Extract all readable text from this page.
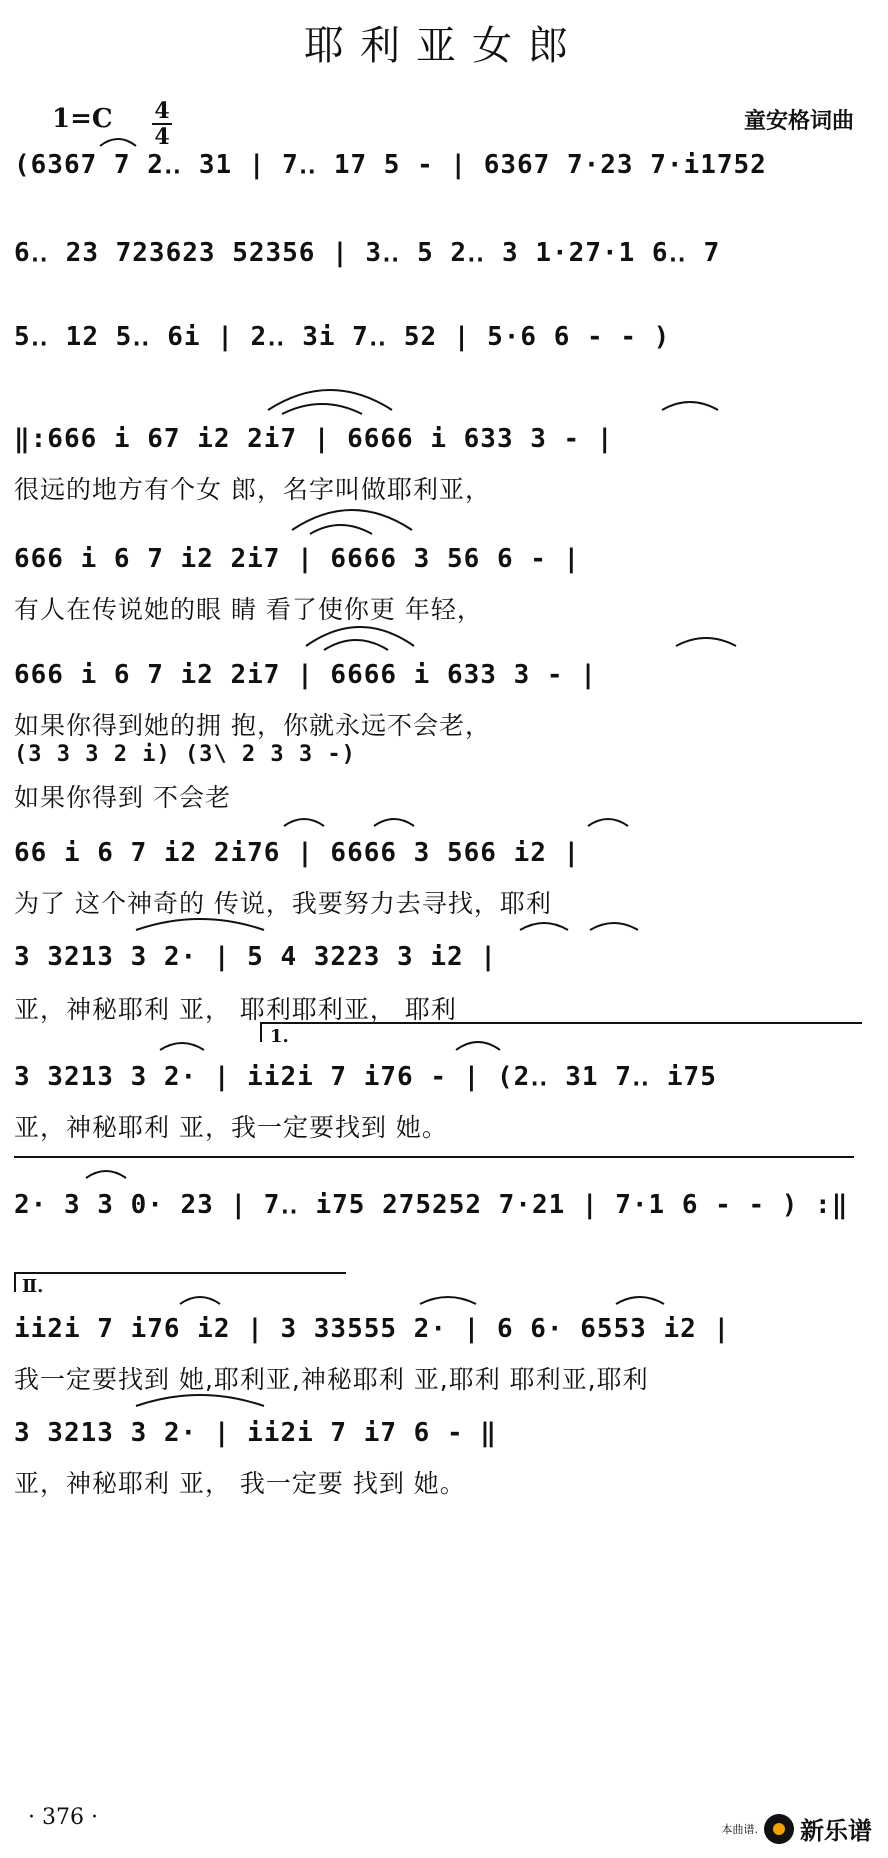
耶利亚女郎
1=C 4
4
童安格词曲
(6367 7 2‥ 31 | 7‥ 17 5 - | 6367 7·23 7·i1752
6‥ 23 723623 52356 | 3‥ 5 2‥ 3 1·27·1 6‥ 7
5‥ 12 5‥ 6i | 2‥ 3i 7‥ 52 | 5·6 6 - - )
‖:666 i 67 i2 2i7 | 6666 i 633 3 - |
很远的地方有个女 郎，名字叫做耶利亚，
666 i 6 7 i2 2i7 | 6666 3 56 6 - |
有人在传说她的眼 睛 看了使你更 年轻，
666 i 6 7 i2 2i7 | 6666 i 633 3 - |
如果你得到她的拥 抱，你就永远不会老，
(3 3 3 2 i) (3\ 2 3 3 -)
如果你得到 不会老
66 i 6 7 i2 2i76 | 6666 3 566 i2 |
为了 这个神奇的 传说，我要努力去寻找，耶利
3 3213 3 2· | 5 4 3223 3 i2 |
亚，神秘耶利 亚， 耶利耶利亚， 耶利
1.
3 3213 3 2· | ii2i 7 i76 - | (2‥ 31 7‥ i75
亚，神秘耶利 亚，我一定要找到 她。
2· 3 3 0· 23 | 7‥ i75 275252 7·21 | 7·1 6 - - ) :‖
Ⅱ.
ii2i 7 i76 i2 | 3 33555 2· | 6 6· 6553 i2 |
我一定要找到 她,耶利亚,神秘耶利 亚,耶利 耶利亚,耶利
3 3213 3 2· | ii2i 7 i7 6 - ‖
亚，神秘耶利 亚， 我一定要 找到 她。
· 376 ·	本曲谱. 新乐谱
